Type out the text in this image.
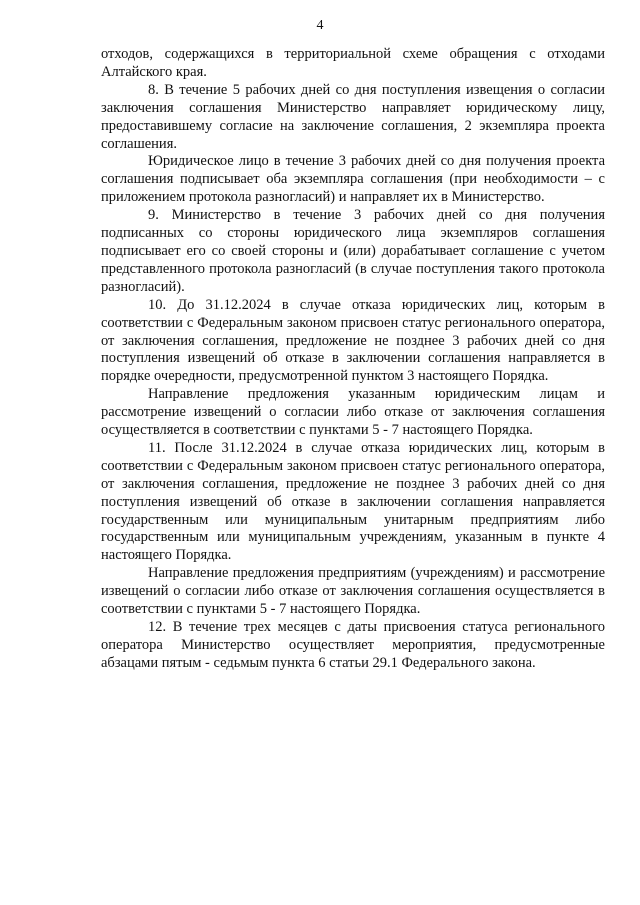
4

отходов, содержащихся в территориальной схеме обращения с отходами Алтайского края.

8. В течение 5 рабочих дней со дня поступления извещения о согласии заключения соглашения Министерство направляет юридическому лицу, предоставившему согласие на заключение соглашения, 2 экземпляра проекта соглашения.

Юридическое лицо в течение 3 рабочих дней со дня получения проекта соглашения подписывает оба экземпляра соглашения (при необходимости – с приложением протокола разногласий) и направляет их в Министерство.

9. Министерство в течение 3 рабочих дней со дня получения подписанных со стороны юридического лица экземпляров соглашения подписывает его со своей стороны и (или) дорабатывает соглашение с учетом представленного протокола разногласий (в случае поступления такого протокола разногласий).

10. До 31.12.2024 в случае отказа юридических лиц, которым в соответствии с Федеральным законом присвоен статус регионального оператора, от заключения соглашения, предложение не позднее 3 рабочих дней со дня поступления извещений об отказе в заключении соглашения направляется в порядке очередности, предусмотренной пунктом 3 настоящего Порядка.

Направление предложения указанным юридическим лицам и рассмотрение извещений о согласии либо отказе от заключения соглашения осуществляется в соответствии с пунктами 5 - 7 настоящего Порядка.

11. После 31.12.2024 в случае отказа юридических лиц, которым в соответствии с Федеральным законом присвоен статус регионального оператора, от заключения соглашения, предложение не позднее 3 рабочих дней со дня поступления извещений об отказе в заключении соглашения направляется государственным или муниципальным унитарным предприятиям либо государственным или муниципальным учреждениям, указанным в пункте 4 настоящего Порядка.

Направление предложения предприятиям (учреждениям) и рассмотрение извещений о согласии либо отказе от заключения соглашения осуществляется в соответствии с пунктами 5 - 7 настоящего Порядка.

12. В течение трех месяцев с даты присвоения статуса регионального оператора Министерство осуществляет мероприятия, предусмотренные абзацами пятым - седьмым пункта 6 статьи 29.1 Федерального закона.
